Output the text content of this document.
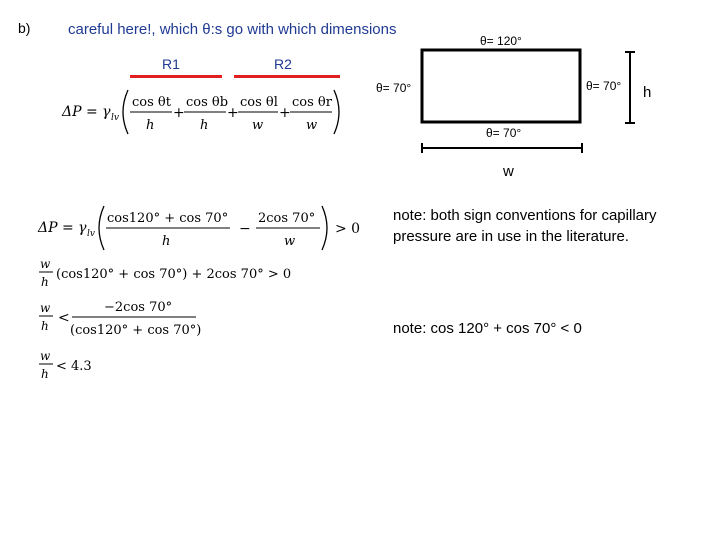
b)	careful here!, which θ:s go with which dimensions
R1	R2
θ= 120°
θ= 70°	θ= 70°
θ= 70°
h
w
ΔP = γ lv
cos θt
h
+
cos θb
h
+
cos θl
w
+
cos θr
w
ΔP = γ lv
cos120° + cos 70°
h
−
2cos 70°
w
> 0
w
h (cos120° + cos 70°) + 2cos 70° > 0
w
h <
−2cos 70°
(cos120° + cos 70°)
w
h < 4.3
note: both sign conventions for capillary pressure are in use in the literature.
note: cos 120° + cos 70° < 0
